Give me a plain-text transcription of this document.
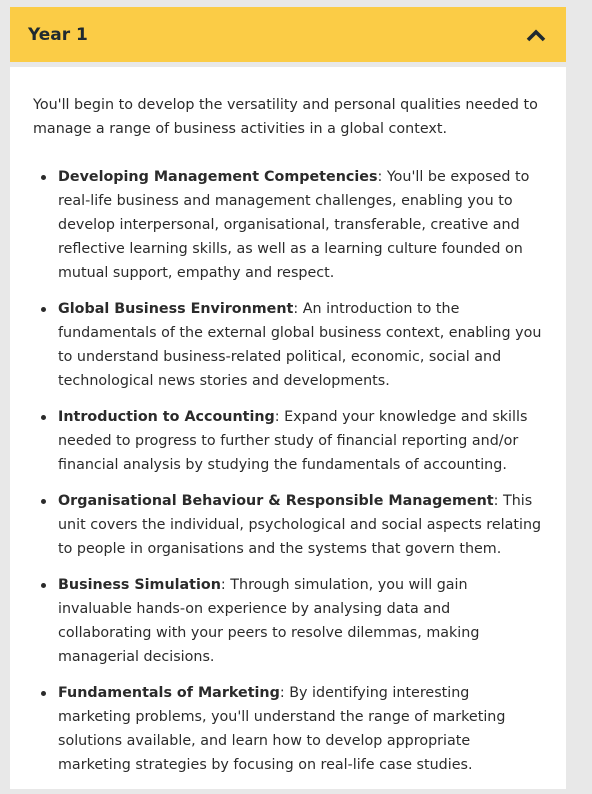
Year 1

You'll begin to develop the versatility and personal qualities needed to manage a range of business activities in a global context.

Developing Management Competencies: You'll be exposed to real-life business and management challenges, enabling you to develop interpersonal, organisational, transferable, creative and reflective learning skills, as well as a learning culture founded on mutual support, empathy and respect.
Global Business Environment: An introduction to the fundamentals of the external global business context, enabling you to understand business-related political, economic, social and technological news stories and developments.
Introduction to Accounting: Expand your knowledge and skills needed to progress to further study of financial reporting and/or financial analysis by studying the fundamentals of accounting.
Organisational Behaviour & Responsible Management: This unit covers the individual, psychological and social aspects relating to people in organisations and the systems that govern them.
Business Simulation: Through simulation, you will gain invaluable hands-on experience by analysing data and collaborating with your peers to resolve dilemmas, making managerial decisions.
Fundamentals of Marketing: By identifying interesting marketing problems, you'll understand the range of marketing solutions available, and learn how to develop appropriate marketing strategies by focusing on real-life case studies.
